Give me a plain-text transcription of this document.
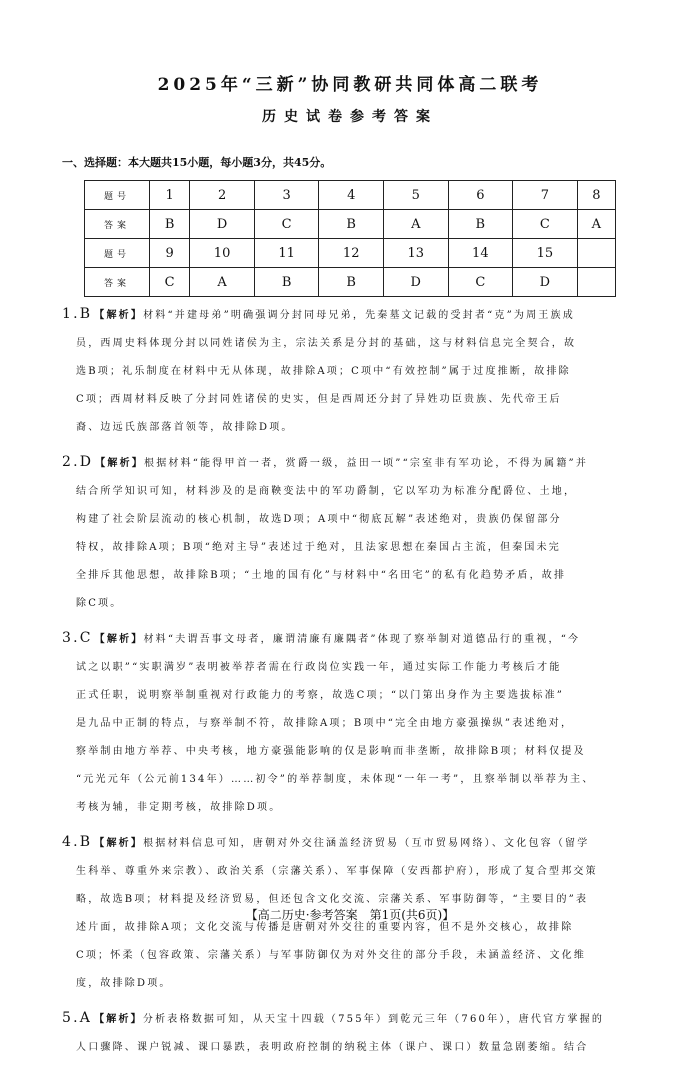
2025年“三新”协同教研共同体高二联考
历史试卷参考答案
一、选择题：本大题共15小题，每小题3分，共45分。
题号	1	2	3	4	5	6	7	8
答案	B	D	C	B	A	B	C	A
题号	9	10	11	12	13	14	15	
答案	C	A	B	B	D	C	D	
1.B 【解析】材料“并建母弟”明确强调分封同母兄弟，先秦墓文记载的受封者“克”为周王族成
员，西周史料体现分封以同姓诸侯为主，宗法关系是分封的基础，这与材料信息完全契合，故
选B项；礼乐制度在材料中无从体现，故排除A项；C项中“有效控制”属于过度推断，故排除
C项；西周材料反映了分封同姓诸侯的史实，但是西周还分封了异姓功臣贵族、先代帝王后
裔、边远氏族部落首领等，故排除D项。
2.D 【解析】根据材料“能得甲首一者，赏爵一级，益田一顷”“宗室非有军功论，不得为属籍”并
结合所学知识可知，材料涉及的是商鞅变法中的军功爵制，它以军功为标准分配爵位、土地，
构建了社会阶层流动的核心机制，故选D项；A项中“彻底瓦解”表述绝对，贵族仍保留部分
特权，故排除A项；B项“绝对主导”表述过于绝对，且法家思想在秦国占主流，但秦国未完
全排斥其他思想，故排除B项；“土地的国有化”与材料中“名田宅”的私有化趋势矛盾，故排
除C项。
3.C 【解析】材料“夫谓吾事文母者，廉谓清廉有廉隅者”体现了察举制对道德品行的重视，“今
试之以职”“实职满岁”表明被举荐者需在行政岗位实践一年，通过实际工作能力考核后才能
正式任职，说明察举制重视对行政能力的考察，故选C项；“以门第出身作为主要选拔标准”
是九品中正制的特点，与察举制不符，故排除A项；B项中“完全由地方豪强操纵”表述绝对，
察举制由地方举荐、中央考核，地方豪强能影响的仅是影响而非垄断，故排除B项；材料仅提及
“元光元年（公元前134年）……初令”的举荐制度，未体现“一年一考”，且察举制以举荐为主、
考核为辅，非定期考核，故排除D项。
4.B 【解析】根据材料信息可知，唐朝对外交往涵盖经济贸易（互市贸易网络）、文化包容（留学
生科举、尊重外来宗教）、政治关系（宗藩关系）、军事保障（安西都护府），形成了复合型邦交策
略，故选B项；材料提及经济贸易，但还包含文化交流、宗藩关系、军事防御等，“主要目的”表
述片面，故排除A项；文化交流与传播是唐朝对外交往的重要内容，但不是外交核心，故排除
C项；怀柔（包容政策、宗藩关系）与军事防御仅为对外交往的部分手段，未涵盖经济、文化维
度，故排除D项。
5.A 【解析】分析表格数据可知，从天宝十四载（755年）到乾元三年（760年），唐代官方掌握的
人口骤降、课户锐减、课口暴跌，表明政府控制的纳税主体（课户、课口）数量急剧萎缩。结合
【高二历史·参考答案　第1页(共6页)】
